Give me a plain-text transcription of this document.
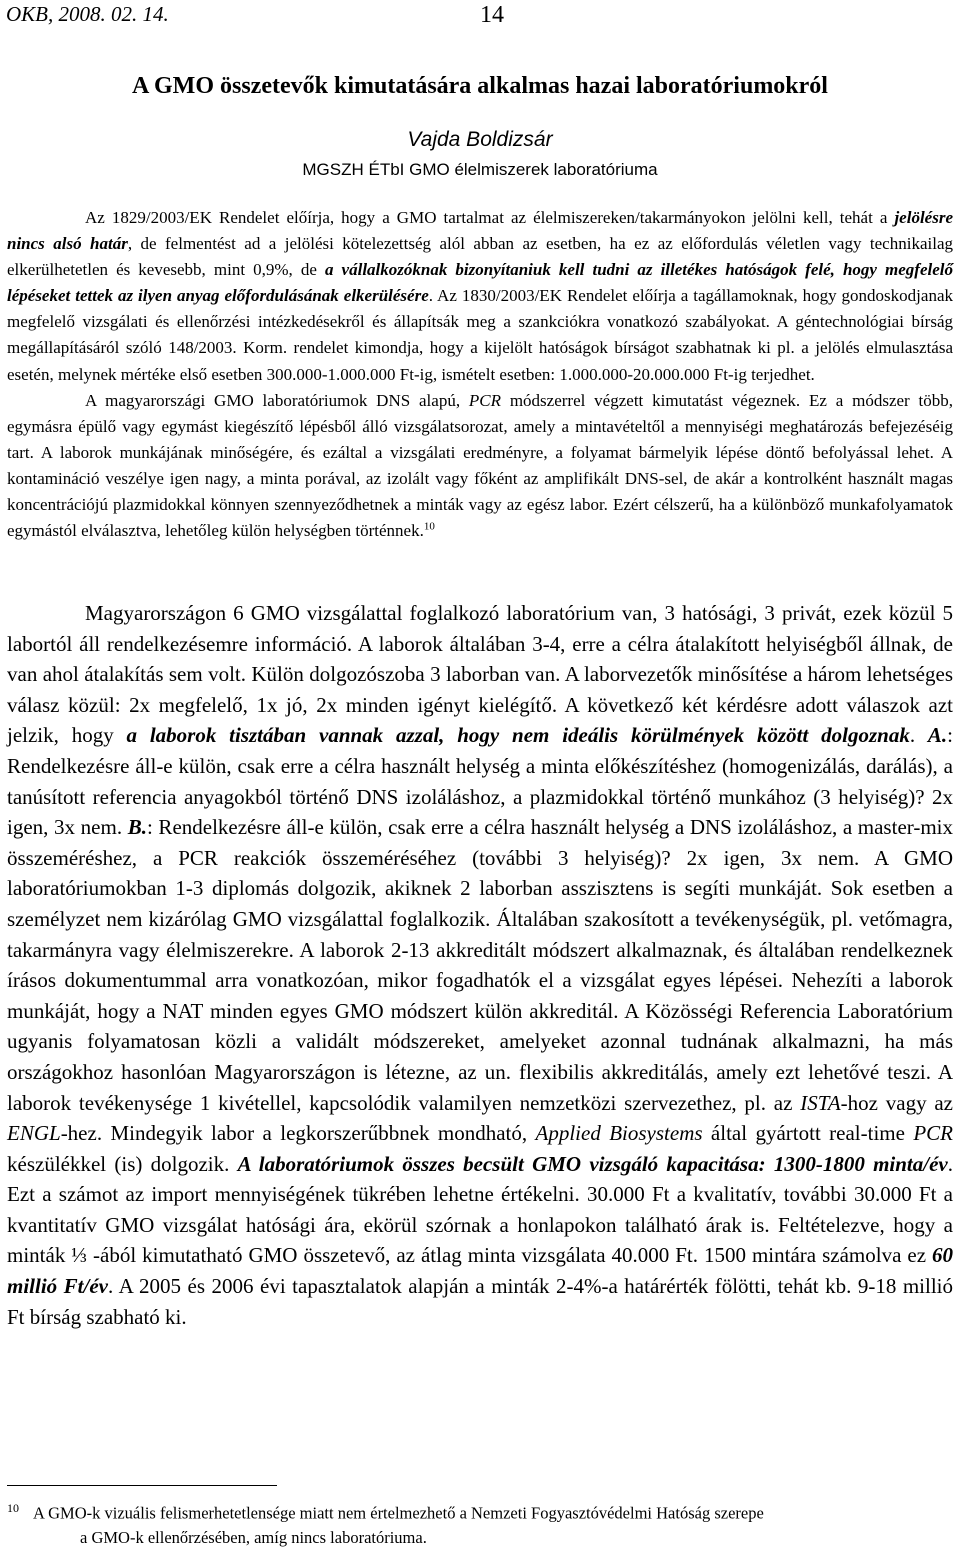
OKB, 2008. 02. 14.	14
A GMO összetevők kimutatására alkalmas hazai laboratóriumokról
Vajda Boldizsár
MGSZH ÉTbI GMO élelmiszerek laboratóriuma

Az 1829/2003/EK Rendelet előírja, hogy a GMO tartalmat az élelmiszereken/takarmányokon jelölni kell, tehát a jelölésre nincs alsó határ, de felmentést ad a jelölési kötelezettség alól abban az esetben, ha ez az előfordulás véletlen vagy technikailag elkerülhetetlen és kevesebb, mint 0,9%, de a vállalkozóknak bizonyítaniuk kell tudni az illetékes hatóságok felé, hogy megfelelő lépéseket tettek az ilyen anyag előfordulásának elkerülésére. Az 1830/2003/EK Rendelet előírja a tagállamoknak, hogy gondoskodjanak megfelelő vizsgálati és ellenőrzési intézkedésekről és állapítsák meg a szankciókra vonatkozó szabályokat. A géntechnológiai bírság megállapításáról szóló 148/2003. Korm. rendelet kimondja, hogy a kijelölt hatóságok bírságot szabhatnak ki pl. a jelölés elmulasztása esetén, melynek mértéke első esetben 300.000-1.000.000 Ft-ig, ismételt esetben: 1.000.000-20.000.000 Ft-ig terjedhet.

A magyarországi GMO laboratóriumok DNS alapú, PCR módszerrel végzett kimutatást végeznek. Ez a módszer több, egymásra épülő vagy egymást kiegészítő lépésből álló vizsgálatsorozat, amely a mintavételtől a mennyiségi meghatározás befejezéséig tart. A laborok munkájának minőségére, és ezáltal a vizsgálati eredményre, a folyamat bármelyik lépése döntő befolyással lehet. A kontamináció veszélye igen nagy, a minta porával, az izolált vagy főként az amplifikált DNS-sel, de akár a kontrolként használt magas koncentrációjú plazmidokkal könnyen szennyeződhetnek a minták vagy az egész labor. Ezért célszerű, ha a különböző munkafolyamatok egymástól elválasztva, lehetőleg külön helységben történnek.$^{10}$

Magyarországon 6 GMO vizsgálattal foglalkozó laboratórium van, 3 hatósági, 3 privát, ezek közül 5 labortól áll rendelkezésemre információ. A laborok általában 3-4, erre a célra átalakított helyiségből állnak, de van ahol átalakítás sem volt. Külön dolgozószoba 3 laborban van. A laborvezetők minősítése a három lehetséges válasz közül: 2x megfelelő, 1x jó, 2x minden igényt kielégítő. A következő két kérdésre adott válaszok azt jelzik, hogy a laborok tisztában vannak azzal, hogy nem ideális körülmények között dolgoznak. A.: Rendelkezésre áll-e külön, csak erre a célra használt helység a minta előkészítéshez (homogenizálás, darálás), a tanúsított referencia anyagokból történő DNS izoláláshoz, a plazmidokkal történő munkához (3 helyiség)? 2x igen, 3x nem. B.: Rendelkezésre áll-e külön, csak erre a célra használt helység a DNS izoláláshoz, a master-mix összeméréshez, a PCR reakciók összeméréséhez (további 3 helyiség)? 2x igen, 3x nem. A GMO laboratóriumokban 1-3 diplomás dolgozik, akiknek 2 laborban asszisztens is segíti munkáját. Sok esetben a személyzet nem kizárólag GMO vizsgálattal foglalkozik. Általában szakosított a tevékenységük, pl. vetőmagra, takarmányra vagy élelmiszerekre. A laborok 2-13 akkreditált módszert alkalmaznak, és általában rendelkeznek írásos dokumentummal arra vonatkozóan, mikor fogadhatók el a vizsgálat egyes lépései. Nehezíti a laborok munkáját, hogy a NAT minden egyes GMO módszert külön akkreditál. A Közösségi Referencia Laboratórium ugyanis folyamatosan közli a validált módszereket, amelyeket azonnal tudnának alkalmazni, ha más országokhoz hasonlóan Magyarországon is létezne, az un. flexibilis akkreditálás, amely ezt lehetővé teszi. A laborok tevékenysége 1 kivétellel, kapcsolódik valamilyen nemzetközi szervezethez, pl. az ISTA-hoz vagy az ENGL-hez. Mindegyik labor a legkorszerűbbnek mondható, Applied Biosystems által gyártott real-time PCR készülékkel (is) dolgozik. A laboratóriumok összes becsült GMO vizsgáló kapacitása: 1300-1800 minta/év. Ezt a számot az import mennyiségének tükrében lehetne értékelni. 30.000 Ft a kvalitatív, további 30.000 Ft a kvantitatív GMO vizsgálat hatósági ára, ekörül szórnak a honlapokon található árak is. Feltételezve, hogy a minták ⅓ -ából kimutatható GMO összetevő, az átlag minta vizsgálata 40.000 Ft. 1500 mintára számolva ez 60 millió Ft/év. A 2005 és 2006 évi tapasztalatok alapján a minták 2-4%-a határérték fölötti, tehát kb. 9-18 millió Ft bírság szabható ki.

$^{10}$ A GMO-k vizuális felismerhetetlensége miatt nem értelmezhető a Nemzeti Fogyasztóvédelmi Hatóság szerepe
a GMO-k ellenőrzésében, amíg nincs laboratóriuma.
